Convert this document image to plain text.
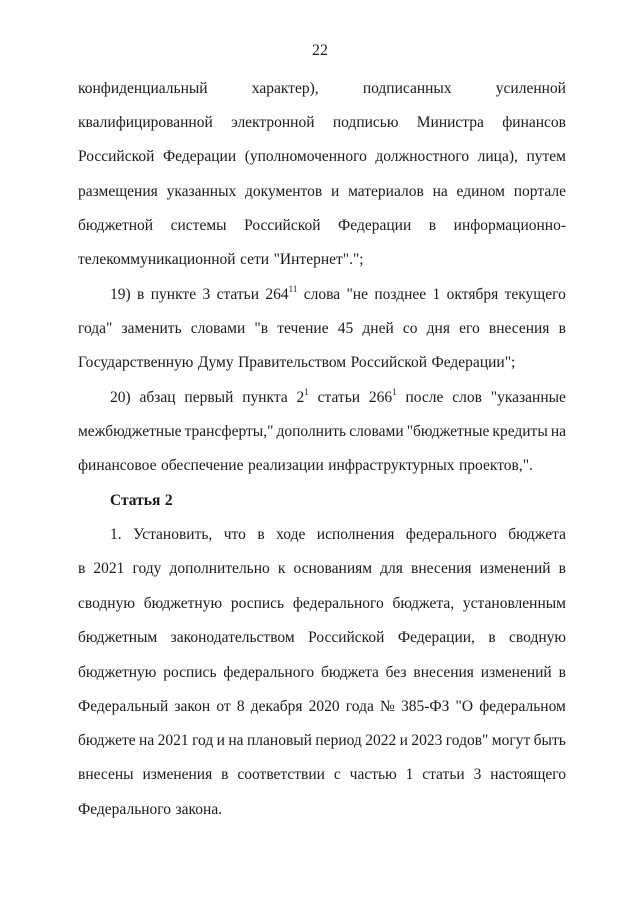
22
конфиденциальный	характер),	подписанных	усиленной
квалифицированной электронной подписью Министра финансов
Российской Федерации (уполномоченного должностного лица), путем
размещения указанных документов и материалов на едином портале
бюджетной системы Российской Федерации в информационно-
телекоммуникационной сети "Интернет".";
19) в пункте 3 статьи $264^{11}$ слова "не позднее 1 октября текущего
года" заменить словами "в течение 45 дней со дня его внесения в
Государственную Думу Правительством Российской Федерации";
20) абзац первый пункта $2^1$ статьи $266^1$ после слов "указанные
межбюджетные трансферты," дополнить словами "бюджетные кредиты на
финансовое обеспечение реализации инфраструктурных проектов,".
Статья 2
1. Установить, что в ходе исполнения федерального бюджета
в 2021 году дополнительно к основаниям для внесения изменений в
сводную бюджетную роспись федерального бюджета, установленным
бюджетным законодательством Российской Федерации, в сводную
бюджетную роспись федерального бюджета без внесения изменений в
Федеральный закон от 8 декабря 2020 года № 385-ФЗ "О федеральном
бюджете на 2021 год и на плановый период 2022 и 2023 годов" могут быть
внесены изменения в соответствии с частью 1 статьи 3 настоящего
Федерального закона.
